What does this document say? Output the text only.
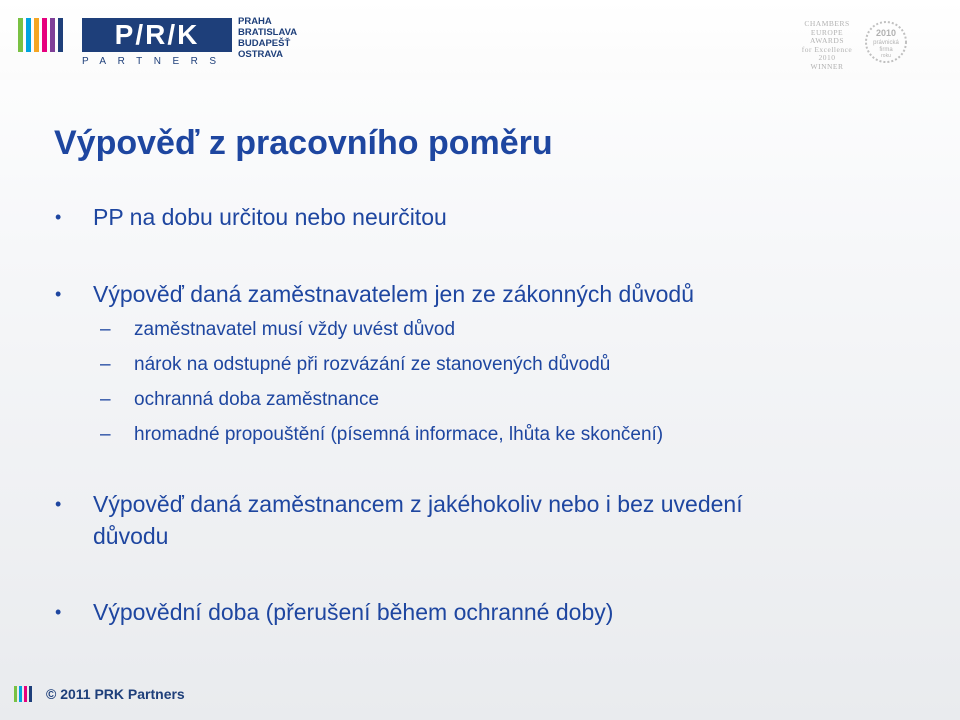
P/R/K
PARTNERS
PRAHA
BRATISLAVA
BUDAPEŠŤ
OSTRAVA
CHAMBERS
EUROPE
AWARDS
for Excellence
2010
WINNER
2010
právnická
firma
roku
Výpověď z pracovního poměru
• PP na dobu určitou nebo neurčitou
• Výpověď daná zaměstnavatelem jen ze zákonných důvodů
– zaměstnavatel musí vždy uvést důvod
– nárok na odstupné při rozvázání ze stanovených důvodů
– ochranná doba zaměstnance
– hromadné propouštění (písemná informace, lhůta ke skončení)
• Výpověď daná zaměstnancem z jakéhokoliv nebo i bez uvedení
důvodu
• Výpovědní doba (přerušení během ochranné doby)
© 2011 PRK Partners
